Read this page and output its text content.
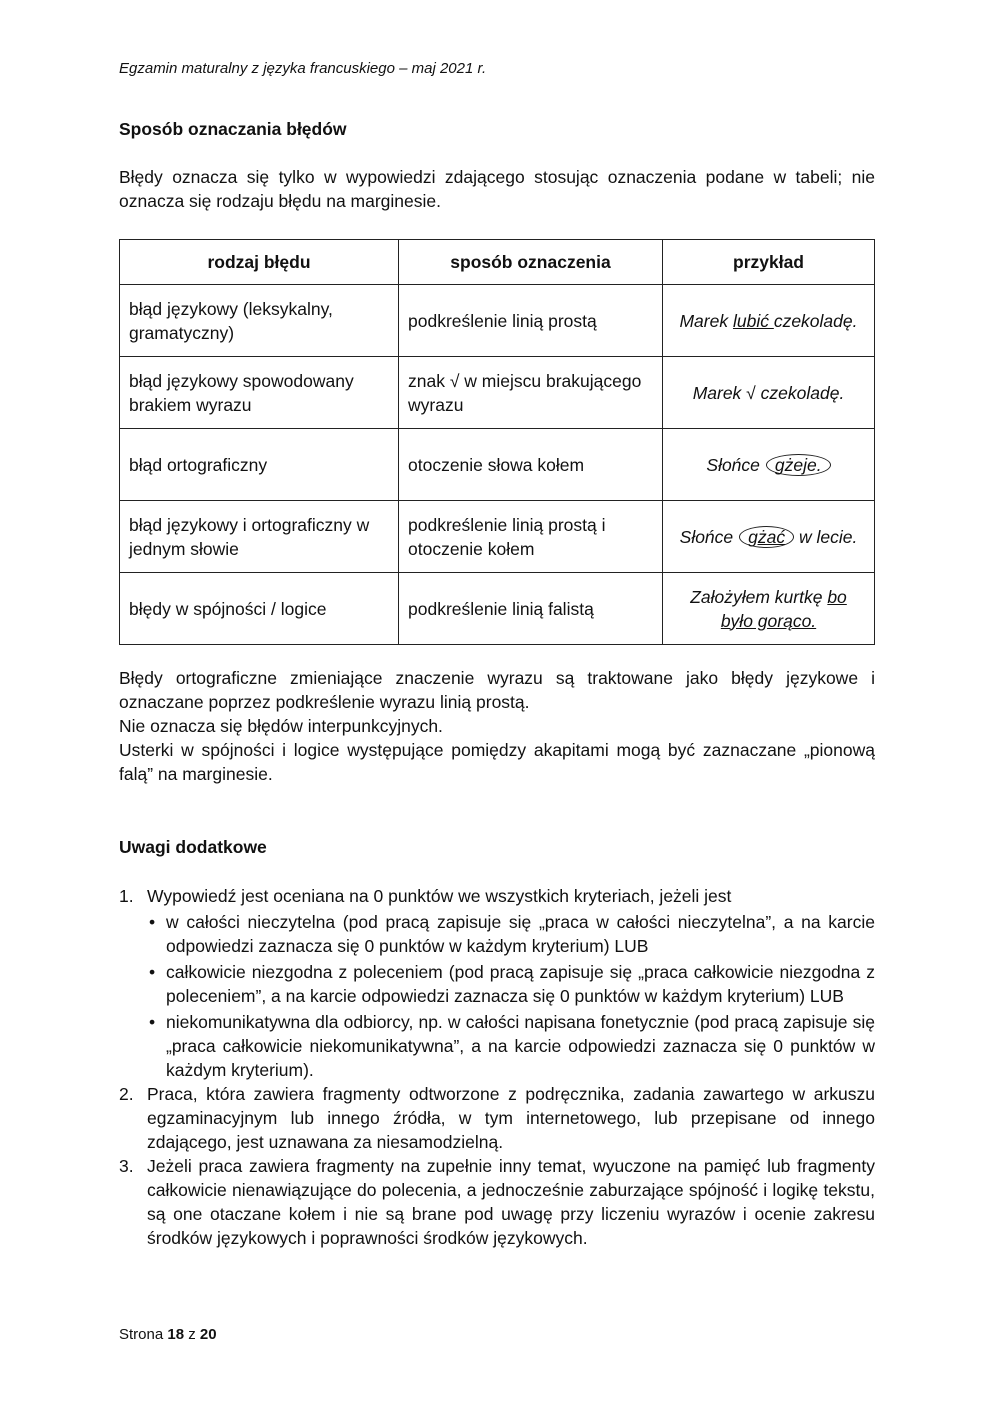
Egzamin maturalny z języka francuskiego – maj 2021 r.
Sposób oznaczania błędów

Błędy oznacza się tylko w wypowiedzi zdającego stosując oznaczenia podane w tabeli; nie oznacza się rodzaju błędu na marginesie.

rodzaj błędu	sposób oznaczenia	przykład
błąd językowy (leksykalny, gramatyczny)	podkreślenie linią prostą	Marek lubić czekoladę.
błąd językowy spowodowany brakiem wyrazu	znak √ w miejscu brakującego wyrazu	Marek √ czekoladę.
błąd ortograficzny	otoczenie słowa kołem	Słońce gżeje.
błąd językowy i ortograficzny w jednym słowie	podkreślenie linią prostą i otoczenie kołem	Słońce gżać w lecie.
błędy w spójności / logice	podkreślenie linią falistą	Założyłem kurtkę bo było gorąco.

Błędy ortograficzne zmieniające znaczenie wyrazu są traktowane jako błędy językowe i oznaczane poprzez podkreślenie wyrazu linią prostą.

Nie oznacza się błędów interpunkcyjnych.

Usterki w spójności i logice występujące pomiędzy akapitami mogą być zaznaczane „pionową falą” na marginesie.

Uwagi dodatkowe
1. Wypowiedź jest oceniana na 0 punktów we wszystkich kryteriach, jeżeli jest
• w całości nieczytelna (pod pracą zapisuje się „praca w całości nieczytelna”, a na karcie odpowiedzi zaznacza się 0 punktów w każdym kryterium) LUB
• całkowicie niezgodna z poleceniem (pod pracą zapisuje się „praca całkowicie niezgodna z poleceniem”, a na karcie odpowiedzi zaznacza się 0 punktów w każdym kryterium) LUB
• niekomunikatywna dla odbiorcy, np. w całości napisana fonetycznie (pod pracą zapisuje się „praca całkowicie niekomunikatywna”, a na karcie odpowiedzi zaznacza się 0 punktów w każdym kryterium).
2. Praca, która zawiera fragmenty odtworzone z podręcznika, zadania zawartego w arkuszu egzaminacyjnym lub innego źródła, w tym internetowego, lub przepisane od innego zdającego, jest uznawana za niesamodzielną.
3. Jeżeli praca zawiera fragmenty na zupełnie inny temat, wyuczone na pamięć lub fragmenty całkowicie nienawiązujące do polecenia, a jednocześnie zaburzające spójność i logikę tekstu, są one otaczane kołem i nie są brane pod uwagę przy liczeniu wyrazów i ocenie zakresu środków językowych i poprawności środków językowych.
Strona 18 z 20
